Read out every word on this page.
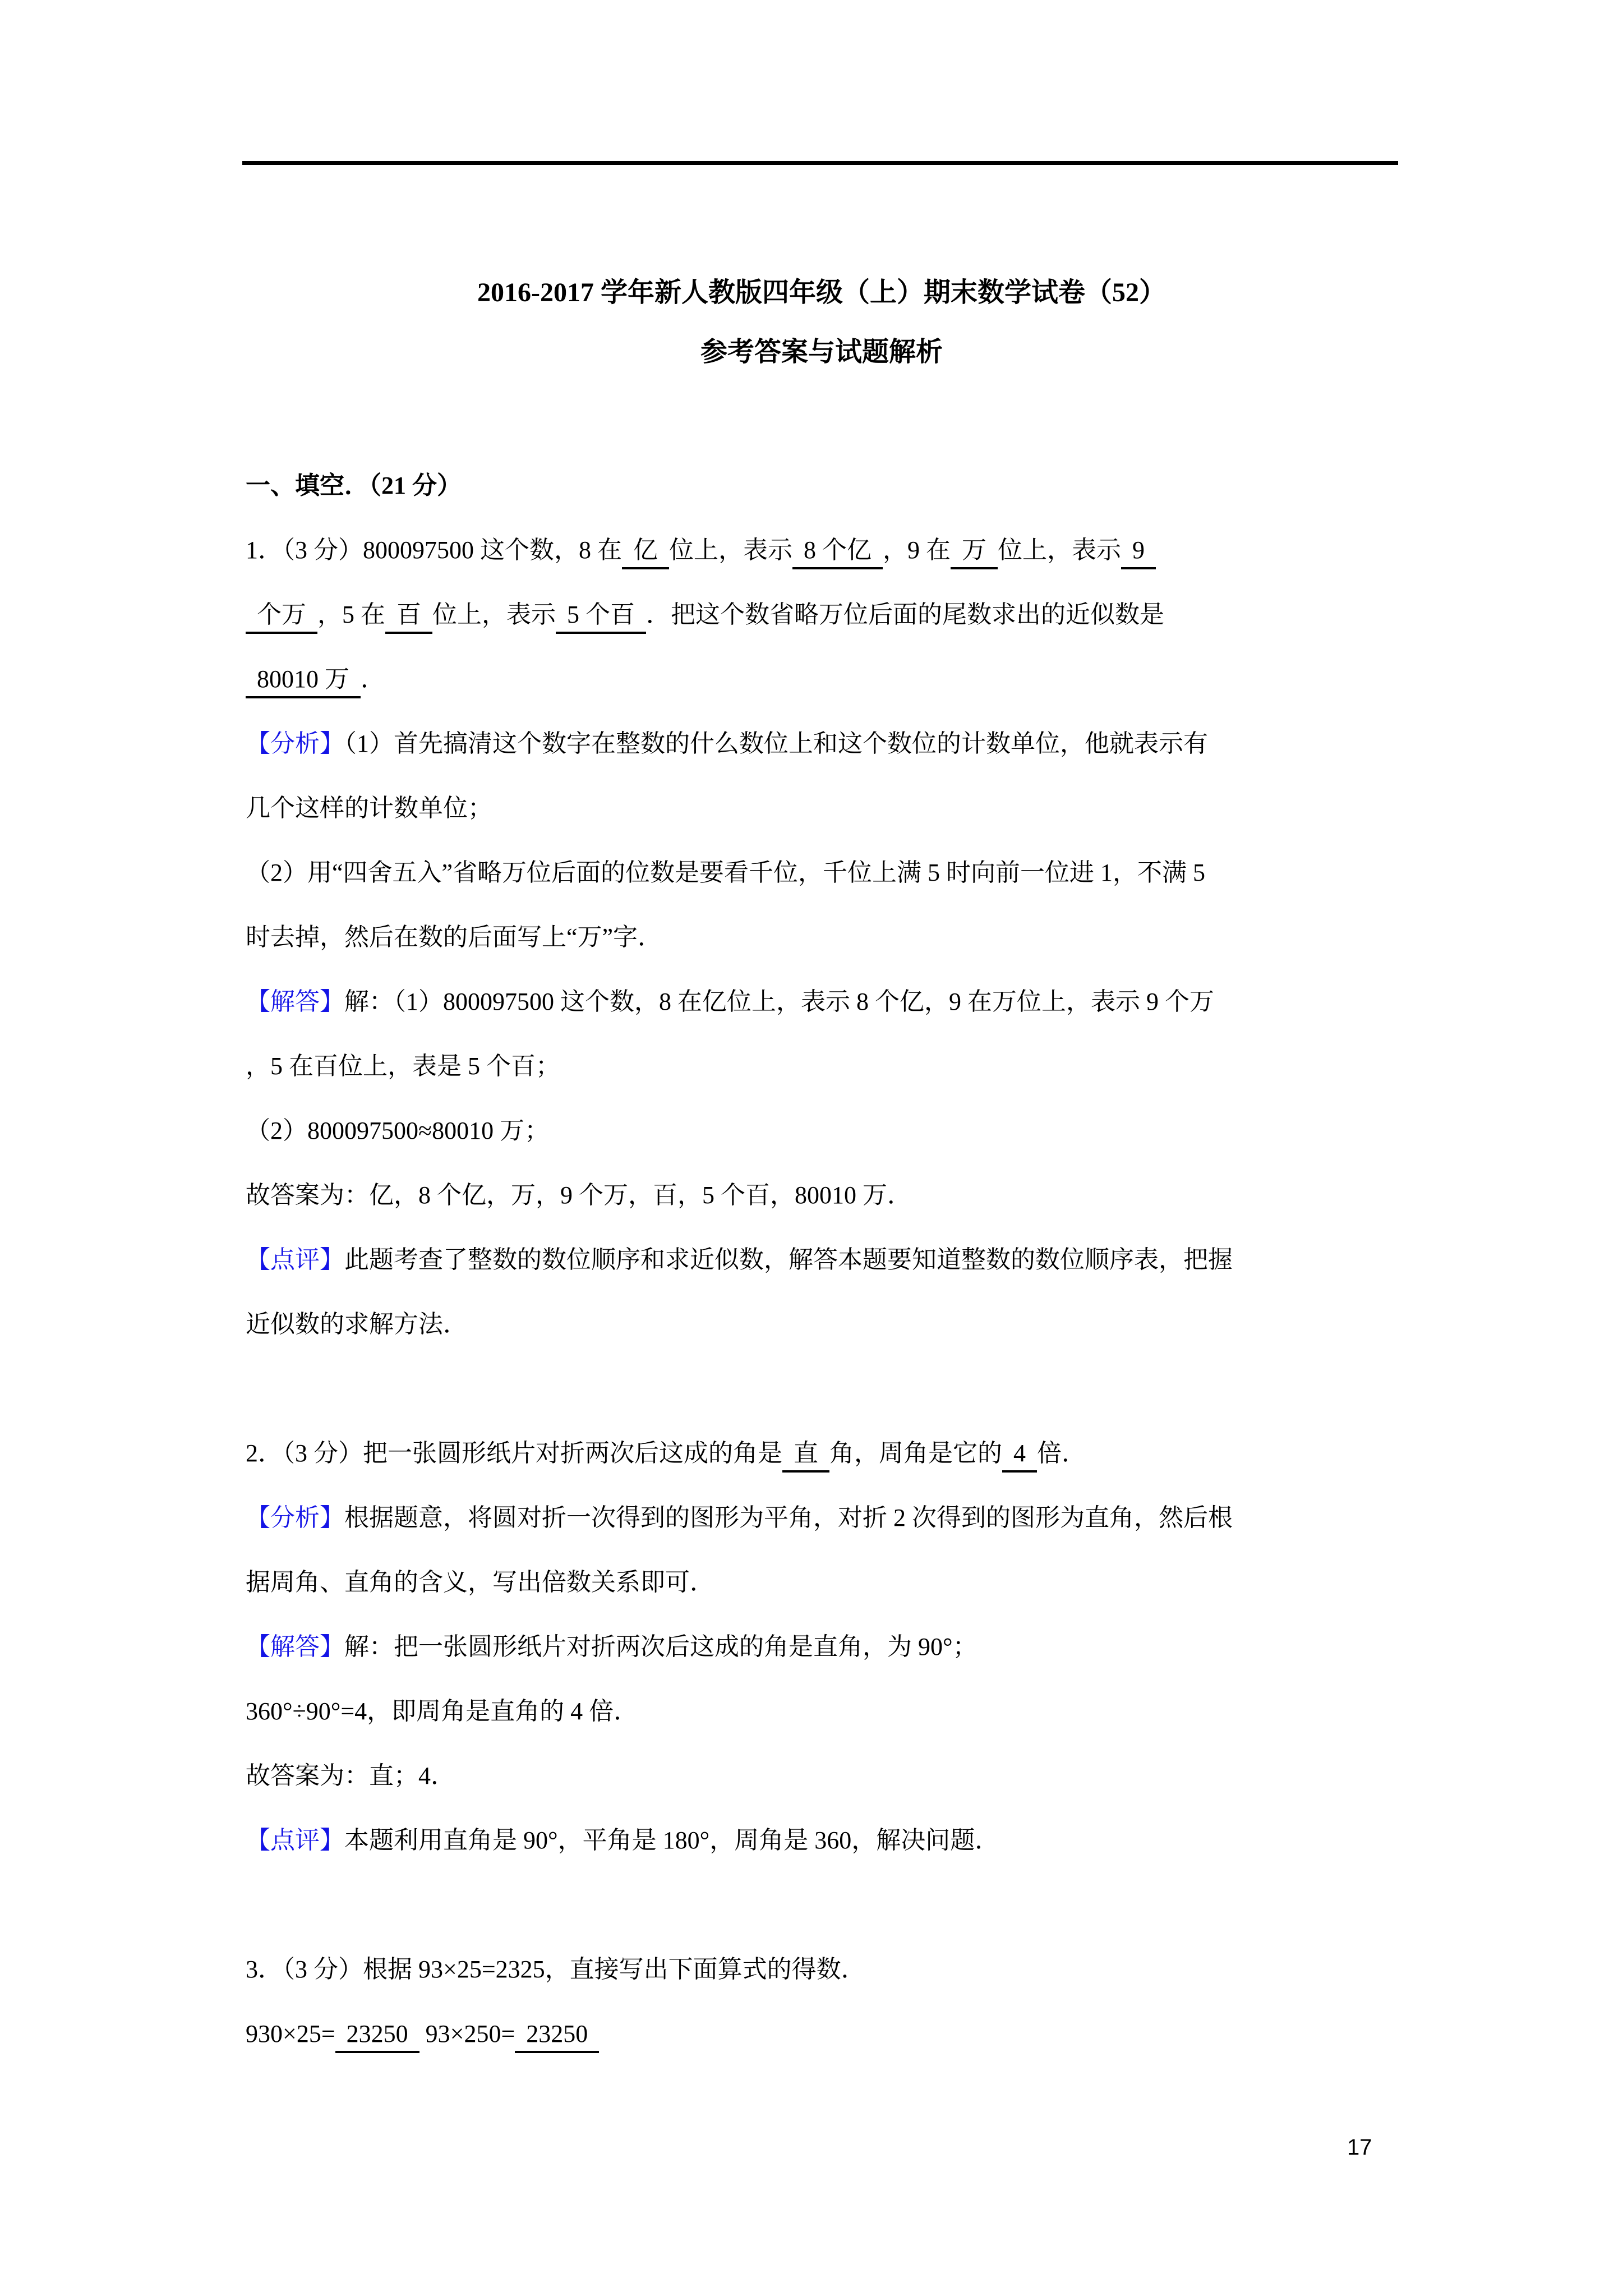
2016-2017 学年新人教版四年级（上）期末数学试卷（52）
参考答案与试题解析
一、填空．（21 分）
1．（3 分）800097500 这个数，8 在 亿 位上，表示 8 个亿 ，9 在 万 位上，表示 9
个万 ，5 在 百 位上，表示 5 个百 ．把这个数省略万位后面的尾数求出的近似数是
80010 万 ．
【分析】（1）首先搞清这个数字在整数的什么数位上和这个数位的计数单位，他就表示有
几个这样的计数单位；
（2）用“四舍五入”省略万位后面的位数是要看千位，千位上满 5 时向前一位进 1，不满 5
时去掉，然后在数的后面写上“万”字．
【解答】解：（1）800097500 这个数，8 在亿位上，表示 8 个亿，9 在万位上，表示 9 个万
，5 在百位上，表是 5 个百；
（2）800097500≈80010 万；
故答案为：亿，8 个亿，万，9 个万，百，5 个百，80010 万．
【点评】此题考查了整数的数位顺序和求近似数，解答本题要知道整数的数位顺序表，把握
近似数的求解方法．
2．（3 分）把一张圆形纸片对折两次后这成的角是 直 角，周角是它的 4 倍．
【分析】根据题意，将圆对折一次得到的图形为平角，对折 2 次得到的图形为直角，然后根
据周角、直角的含义，写出倍数关系即可．
【解答】解：把一张圆形纸片对折两次后这成的角是直角，为 90°；
360°÷90°=4，即周角是直角的 4 倍．
故答案为：直；4．
【点评】本题利用直角是 90°，平角是 180°，周角是 360，解决问题．
3．（3 分）根据 93×25=2325，直接写出下面算式的得数．
930×25= 23250 93×250= 23250
17
